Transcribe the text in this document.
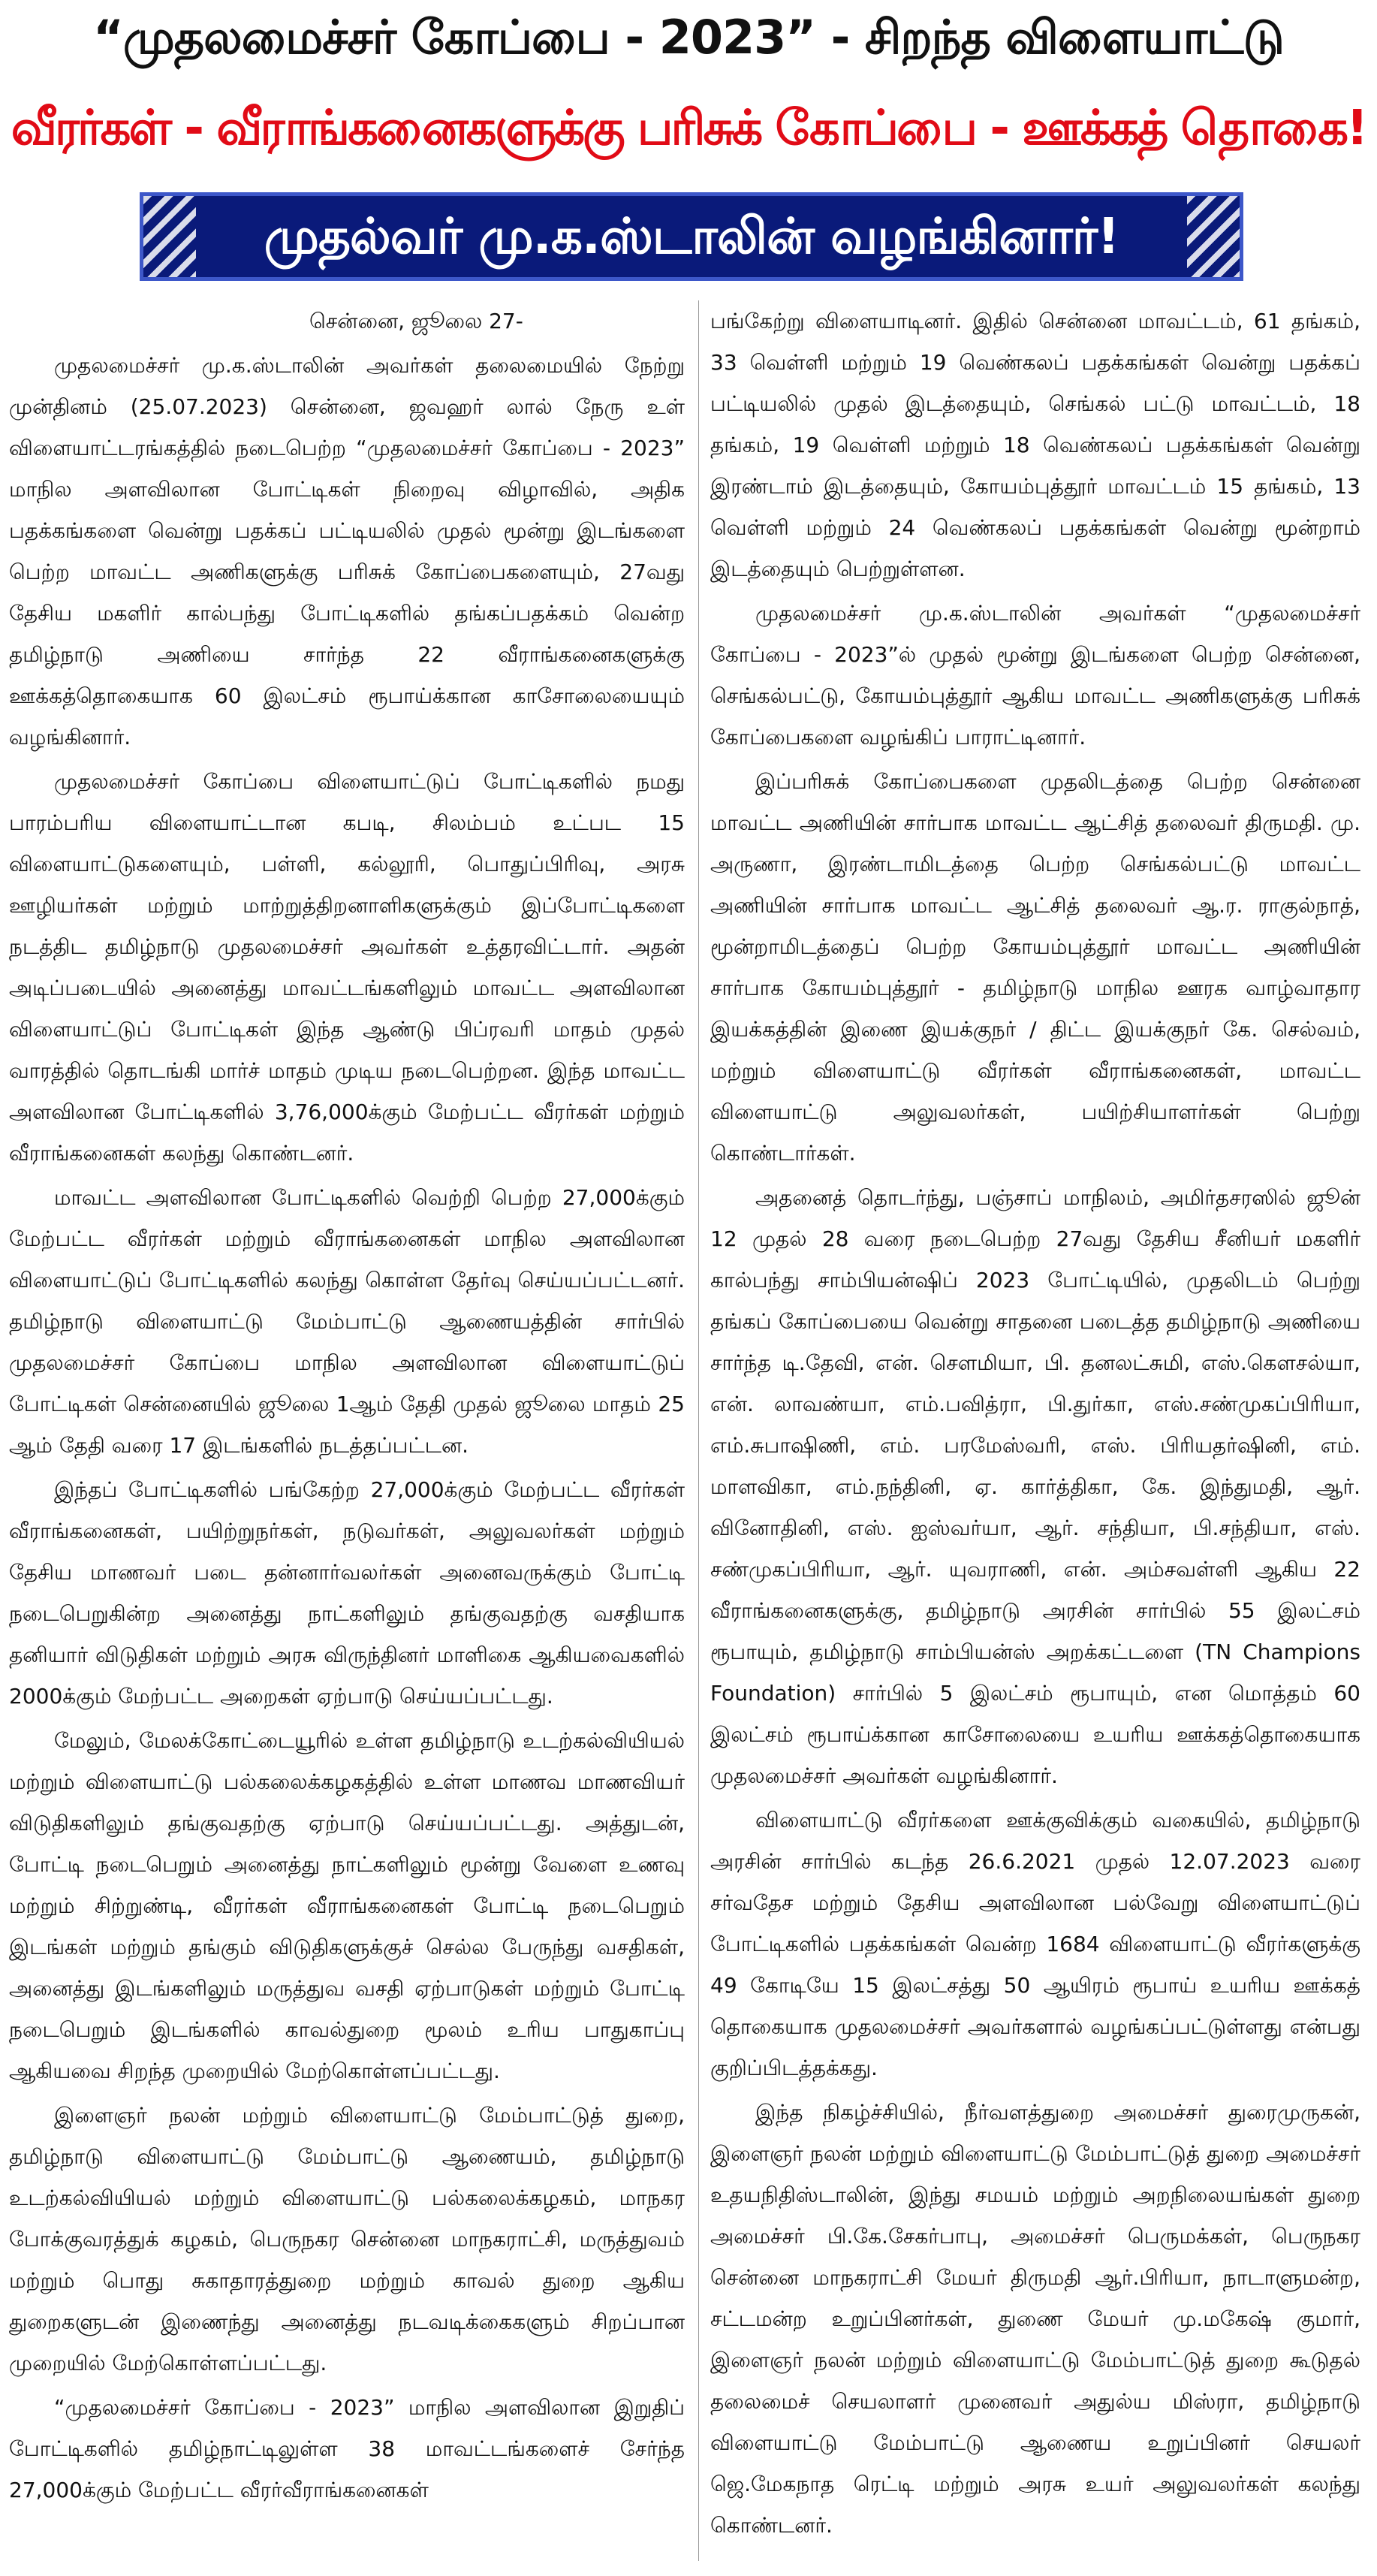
“முதலமைச்சர் கோப்பை - 2023” - சிறந்த விளையாட்டு
வீரர்கள் - வீராங்கனைகளுக்கு பரிசுக் கோப்பை - ஊக்கத் தொகை!
முதல்வர் மு.க.ஸ்டாலின் வழங்கினார்!

சென்னை, ஜூலை 27-

முதலமைச்சர் மு.க.ஸ்டாலின் அவர்கள் தலைமையில் நேற்று முன்தினம் (25.07.2023) சென்னை, ஜவஹர் லால் நேரு உள் விளையாட்டரங்கத்தில் நடைபெற்ற “முதலமைச்சர் கோப்பை - 2023” மாநில அளவிலான போட்டிகள் நிறைவு விழாவில், அதிக பதக்கங்களை வென்று பதக்கப் பட்டியலில் முதல் மூன்று இடங்களை பெற்ற மாவட்ட அணிகளுக்கு பரிசுக் கோப்பைகளையும், 27வது தேசிய மகளிர் கால்பந்து போட்டிகளில் தங்கப்பதக்கம் வென்ற தமிழ்நாடு அணியை சார்ந்த 22 வீராங்கனைகளுக்கு ஊக்கத்தொகையாக 60 இலட்சம் ரூபாய்க்கான காசோலையையும் வழங்கினார்.

முதலமைச்சர் கோப்பை விளையாட்டுப் போட்டிகளில் நமது பாரம்பரிய விளையாட்டான கபடி, சிலம்பம் உட்பட 15 விளையாட்டுகளையும், பள்ளி, கல்லூரி, பொதுப்பிரிவு, அரசு ஊழியர்கள் மற்றும் மாற்றுத்திறனாளிகளுக்கும் இப்போட்டிகளை நடத்திட தமிழ்நாடு முதலமைச்சர் அவர்கள் உத்தரவிட்டார். அதன் அடிப்படையில் அனைத்து மாவட்டங்களிலும் மாவட்ட அளவிலான விளையாட்டுப் போட்டிகள் இந்த ஆண்டு பிப்ரவரி மாதம் முதல் வாரத்தில் தொடங்கி மார்ச் மாதம் முடிய நடைபெற்றன. இந்த மாவட்ட அளவிலான போட்டிகளில் 3,76,000க்கும் மேற்பட்ட வீரர்கள் மற்றும் வீராங்கனைகள் கலந்து கொண்டனர்.

மாவட்ட அளவிலான போட்டிகளில் வெற்றி பெற்ற 27,000க்கும் மேற்பட்ட வீரர்கள் மற்றும் வீராங்கனைகள் மாநில அளவிலான விளையாட்டுப் போட்டிகளில் கலந்து கொள்ள தேர்வு செய்யப்பட்டனர். தமிழ்நாடு விளையாட்டு மேம்பாட்டு ஆணையத்தின் சார்பில் முதலமைச்சர் கோப்பை மாநில அளவிலான விளையாட்டுப் போட்டிகள் சென்னையில் ஜூலை 1ஆம் தேதி முதல் ஜூலை மாதம் 25 ஆம் தேதி வரை 17 இடங்களில் நடத்தப்பட்டன.

இந்தப் போட்டிகளில் பங்கேற்ற 27,000க்கும் மேற்பட்ட வீரர்கள் வீராங்கனைகள், பயிற்றுநர்கள், நடுவர்கள், அலுவலர்கள் மற்றும் தேசிய மாணவர் படை தன்னார்வலர்கள் அனைவருக்கும் போட்டி நடைபெறுகின்ற அனைத்து நாட்களிலும் தங்குவதற்கு வசதியாக தனியார் விடுதிகள் மற்றும் அரசு விருந்தினர் மாளிகை ஆகியவைகளில் 2000க்கும் மேற்பட்ட அறைகள் ஏற்பாடு செய்யப்பட்டது.

மேலும், மேலக்கோட்டையூரில் உள்ள தமிழ்நாடு உடற்கல்வியியல் மற்றும் விளையாட்டு பல்கலைக்கழகத்தில் உள்ள மாணவ மாணவியர் விடுதிகளிலும் தங்குவதற்கு ஏற்பாடு செய்யப்பட்டது. அத்துடன், போட்டி நடைபெறும் அனைத்து நாட்களிலும் மூன்று வேளை உணவு மற்றும் சிற்றுண்டி, வீரர்கள் வீராங்கனைகள் போட்டி நடைபெறும் இடங்கள் மற்றும் தங்கும் விடுதிகளுக்குச் செல்ல பேருந்து வசதிகள், அனைத்து இடங்களிலும் மருத்துவ வசதி ஏற்பாடுகள் மற்றும் போட்டி நடைபெறும் இடங்களில் காவல்துறை மூலம் உரிய பாதுகாப்பு ஆகியவை சிறந்த முறையில் மேற்கொள்ளப்பட்டது.

இளைஞர் நலன் மற்றும் விளையாட்டு மேம்பாட்டுத் துறை, தமிழ்நாடு விளையாட்டு மேம்பாட்டு ஆணையம், தமிழ்நாடு உடற்கல்வியியல் மற்றும் விளையாட்டு பல்கலைக்கழகம், மாநகர போக்குவரத்துக் கழகம், பெருநகர சென்னை மாநகராட்சி, மருத்துவம் மற்றும் பொது சுகாதாரத்துறை மற்றும் காவல் துறை ஆகிய துறைகளுடன் இணைந்து அனைத்து நடவடிக்கைகளும் சிறப்பான முறையில் மேற்கொள்ளப்பட்டது.

“முதலமைச்சர் கோப்பை - 2023” மாநில அளவிலான இறுதிப் போட்டிகளில் தமிழ்நாட்டிலுள்ள 38 மாவட்டங்களைச் சேர்ந்த 27,000க்கும் மேற்பட்ட வீரர்வீராங்கனைகள்

பங்கேற்று விளையாடினர். இதில் சென்னை மாவட்டம், 61 தங்கம், 33 வெள்ளி மற்றும் 19 வெண்கலப் பதக்கங்கள் வென்று பதக்கப் பட்டியலில் முதல் இடத்தையும், செங்கல் பட்டு மாவட்டம், 18 தங்கம், 19 வெள்ளி மற்றும் 18 வெண்கலப் பதக்கங்கள் வென்று இரண்டாம் இடத்தையும், கோயம்புத்தூர் மாவட்டம் 15 தங்கம், 13 வெள்ளி மற்றும் 24 வெண்கலப் பதக்கங்கள் வென்று மூன்றாம் இடத்தையும் பெற்றுள்ளன.

முதலமைச்சர் மு.க.ஸ்டாலின் அவர்கள் “முதலமைச்சர் கோப்பை - 2023”ல் முதல் மூன்று இடங்களை பெற்ற சென்னை, செங்கல்பட்டு, கோயம்புத்தூர் ஆகிய மாவட்ட அணிகளுக்கு பரிசுக் கோப்பைகளை வழங்கிப் பாராட்டினார்.

இப்பரிசுக் கோப்பைகளை முதலிடத்தை பெற்ற சென்னை மாவட்ட அணியின் சார்பாக மாவட்ட ஆட்சித் தலைவர் திருமதி. மு. அருணா, இரண்டாமிடத்தை பெற்ற செங்கல்பட்டு மாவட்ட அணியின் சார்பாக மாவட்ட ஆட்சித் தலைவர் ஆ.ர. ராகுல்நாத், மூன்றாமிடத்தைப் பெற்ற கோயம்புத்தூர் மாவட்ட அணியின் சார்பாக கோயம்புத்தூர் - தமிழ்நாடு மாநில ஊரக வாழ்வாதார இயக்கத்தின் இணை இயக்குநர் / திட்ட இயக்குநர் கே. செல்வம், மற்றும் விளையாட்டு வீரர்கள் வீராங்கனைகள், மாவட்ட விளையாட்டு அலுவலர்கள், பயிற்சியாளர்கள் பெற்று கொண்டார்கள்.

அதனைத் தொடர்ந்து, பஞ்சாப் மாநிலம், அமிர்தசரஸில் ஜூன் 12 முதல் 28 வரை நடைபெற்ற 27வது தேசிய சீனியர் மகளிர் கால்பந்து சாம்பியன்ஷிப் 2023 போட்டியில், முதலிடம் பெற்று தங்கப் கோப்பையை வென்று சாதனை படைத்த தமிழ்நாடு அணியை சார்ந்த டி.தேவி, என். சௌமியா, பி. தனலட்சுமி, எஸ்.கௌசல்யா, என். லாவண்யா, எம்.பவித்ரா, பி.துர்கா, எஸ்.சண்முகப்பிரியா, எம்.சுபாஷிணி, எம். பரமேஸ்வரி, எஸ். பிரியதர்ஷினி, எம். மாளவிகா, எம்.நந்தினி, ஏ. கார்த்திகா, கே. இந்துமதி, ஆர். வினோதினி, எஸ். ஐஸ்வர்யா, ஆர். சந்தியா, பி.சந்தியா, எஸ். சண்முகப்பிரியா, ஆர். யுவராணி, என். அம்சவள்ளி ஆகிய 22 வீராங்கனைகளுக்கு, தமிழ்நாடு அரசின் சார்பில் 55 இலட்சம் ரூபாயும், தமிழ்நாடு சாம்பியன்ஸ் அறக்கட்டளை (TN Champions Foundation) சார்பில் 5 இலட்சம் ரூபாயும், என மொத்தம் 60 இலட்சம் ரூபாய்க்கான காசோலையை உயரிய ஊக்கத்தொகையாக முதலமைச்சர் அவர்கள் வழங்கினார்.

விளையாட்டு வீரர்களை ஊக்குவிக்கும் வகையில், தமிழ்நாடு அரசின் சார்பில் கடந்த 26.6.2021 முதல் 12.07.2023 வரை சர்வதேச மற்றும் தேசிய அளவிலான பல்வேறு விளையாட்டுப் போட்டிகளில் பதக்கங்கள் வென்ற 1684 விளையாட்டு வீரர்களுக்கு 49 கோடியே 15 இலட்சத்து 50 ஆயிரம் ரூபாய் உயரிய ஊக்கத் தொகையாக முதலமைச்சர் அவர்களால் வழங்கப்பட்டுள்ளது என்பது குறிப்பிடத்தக்கது.

இந்த நிகழ்ச்சியில், நீர்வளத்துறை அமைச்சர் துரைமுருகன், இளைஞர் நலன் மற்றும் விளையாட்டு மேம்பாட்டுத் துறை அமைச்சர் உதயநிதிஸ்டாலின், இந்து சமயம் மற்றும் அறநிலையங்கள் துறை அமைச்சர் பி.கே.சேகர்பாபு, அமைச்சர் பெருமக்கள், பெருநகர சென்னை மாநகராட்சி மேயர் திருமதி ஆர்.பிரியா, நாடாளுமன்ற, சட்டமன்ற உறுப்பினர்கள், துணை மேயர் மு.மகேஷ் குமார், இளைஞர் நலன் மற்றும் விளையாட்டு மேம்பாட்டுத் துறை கூடுதல் தலைமைச் செயலாளர் முனைவர் அதுல்ய மிஸ்ரா, தமிழ்நாடு விளையாட்டு மேம்பாட்டு ஆணைய உறுப்பினர் செயலர் ஜெ.மேகநாத ரெட்டி மற்றும் அரசு உயர் அலுவலர்கள் கலந்து கொண்டனர்.
